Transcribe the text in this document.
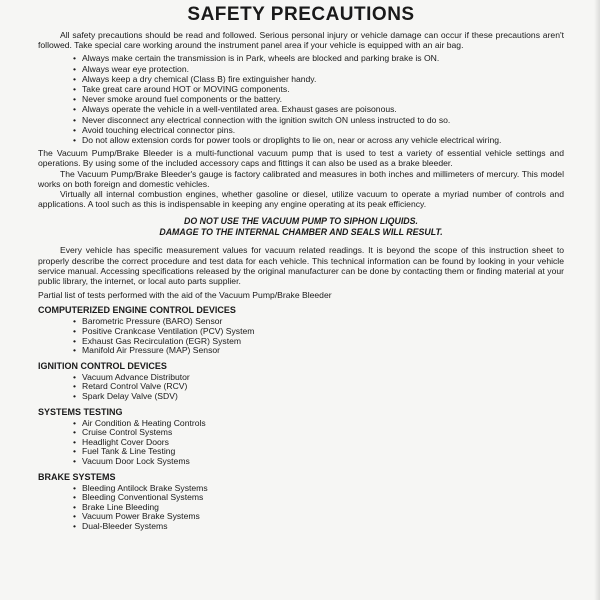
SAFETY PRECAUTIONS

All safety precautions should be read and followed. Serious personal injury or vehicle damage can occur if these precautions aren't followed. Take special care working around the instrument panel area if your vehicle is equipped with an air bag.

• Always make certain the transmission is in Park, wheels are blocked and parking brake is ON.
• Always wear eye protection.
• Always keep a dry chemical (Class B) fire extinguisher handy.
• Take great care around HOT or MOVING components.
• Never smoke around fuel components or the battery.
• Always operate the vehicle in a well-ventilated area. Exhaust gases are poisonous.
• Never disconnect any electrical connection with the ignition switch ON unless instructed to do so.
• Avoid touching electrical connector pins.
• Do not allow extension cords for power tools or droplights to lie on, near or across any vehicle electrical wiring.

The Vacuum Pump/Brake Bleeder is a multi-functional vacuum pump that is used to test a variety of essential vehicle settings and operations. By using some of the included accessory caps and fittings it can also be used as a brake bleeder.

The Vacuum Pump/Brake Bleeder's gauge is factory calibrated and measures in both inches and millimeters of mercury. This model works on both foreign and domestic vehicles.

Virtually all internal combustion engines, whether gasoline or diesel, utilize vacuum to operate a myriad number of controls and applications. A tool such as this is indispensable in keeping any engine operating at its peak efficiency.

DO NOT USE THE VACUUM PUMP TO SIPHON LIQUIDS.
DAMAGE TO THE INTERNAL CHAMBER AND SEALS WILL RESULT.

Every vehicle has specific measurement values for vacuum related readings. It is beyond the scope of this instruction sheet to properly describe the correct procedure and test data for each vehicle. This technical information can be found by looking in your vehicle service manual. Accessing specifications released by the original manufacturer can be done by contacting them or finding material at your public library, the internet, or local auto parts supplier.

Partial list of tests performed with the aid of the Vacuum Pump/Brake Bleeder

COMPUTERIZED ENGINE CONTROL DEVICES
• Barometric Pressure (BARO) Sensor
• Positive Crankcase Ventilation (PCV) System
• Exhaust Gas Recirculation (EGR) System
• Manifold Air Pressure (MAP) Sensor
IGNITION CONTROL DEVICES
• Vacuum Advance Distributor
• Retard Control Valve (RCV)
• Spark Delay Valve (SDV)
SYSTEMS TESTING
• Air Condition & Heating Controls
• Cruise Control Systems
• Headlight Cover Doors
• Fuel Tank & Line Testing
• Vacuum Door Lock Systems
BRAKE SYSTEMS
• Bleeding Antilock Brake Systems
• Bleeding Conventional Systems
• Brake Line Bleeding
• Vacuum Power Brake Systems
• Dual-Bleeder Systems
